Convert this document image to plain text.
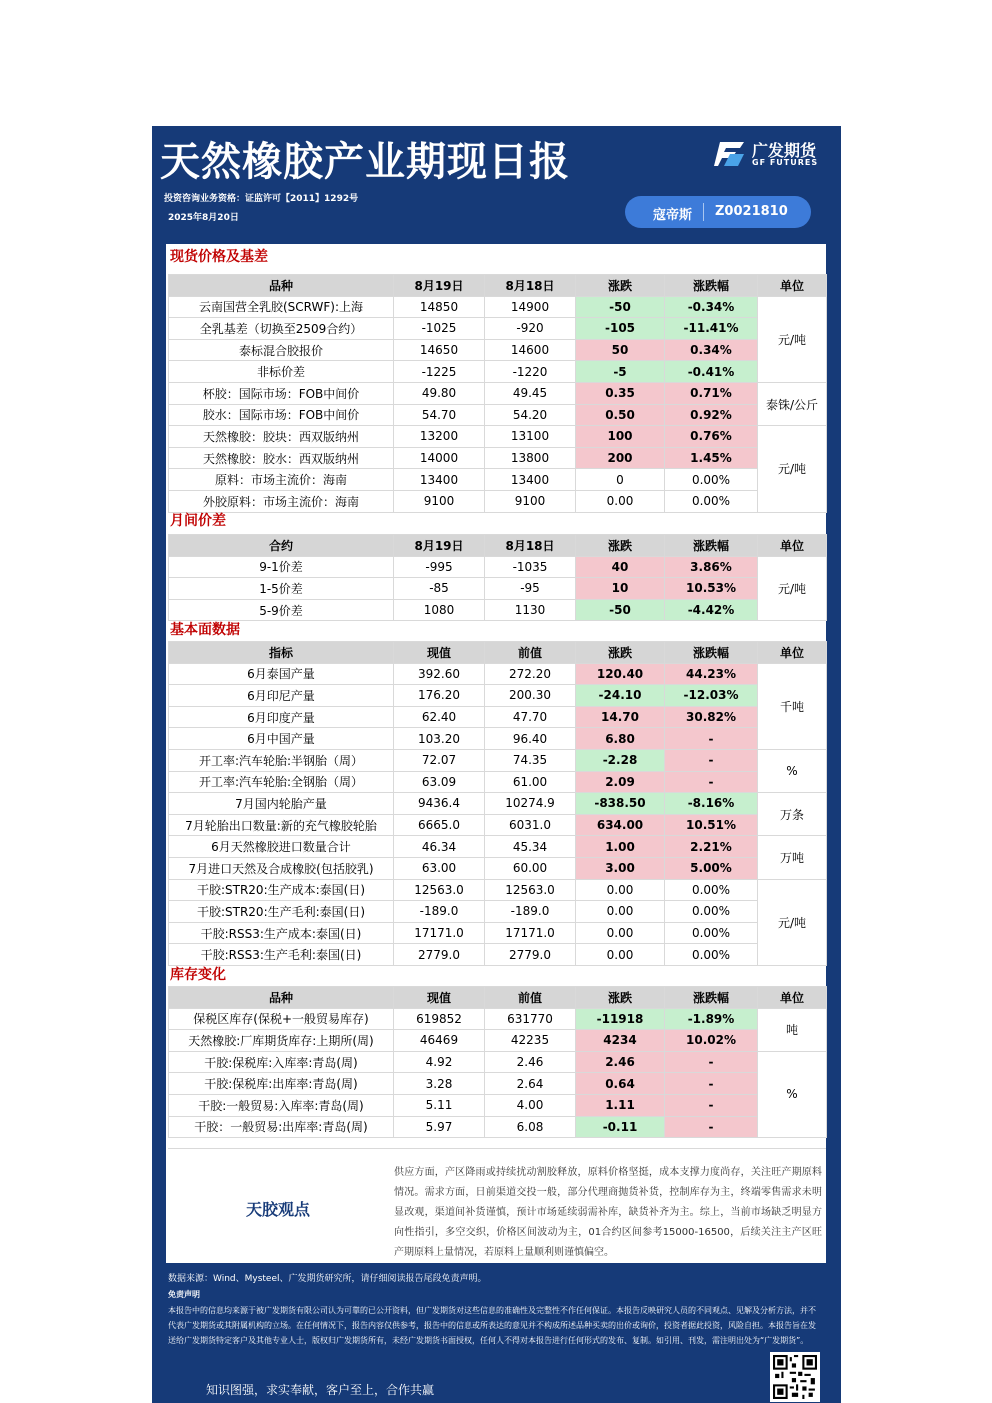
天然橡胶产业期现日报	广发期货
GF FUTURES
投资咨询业务资格：证监许可【2011】1292号
2025年8月20日	寇帝斯 Z0021810
现货价格及基差
品种	8月19日	8月18日	涨跌	涨跌幅	单位
云南国营全乳胶(SCRWF):上海	14850	14900	-50	-0.34%	元/吨
全乳基差（切换至2509合约）	-1025	-920	-105	-11.41%	
泰标混合胶报价	14650	14600	50	0.34%	
非标价差	-1225	-1220	-5	-0.41%	
杯胶：国际市场：FOB中间价	49.80	49.45	0.35	0.71%	泰铢/公斤
胶水：国际市场：FOB中间价	54.70	54.20	0.50	0.92%	
天然橡胶：胶块：西双版纳州	13200	13100	100	0.76%	元/吨
天然橡胶：胶水：西双版纳州	14000	13800	200	1.45%	
原料：市场主流价：海南	13400	13400	0	0.00%	
外胶原料：市场主流价：海南	9100	9100	0.00	0.00%	
月间价差
合约	8月19日	8月18日	涨跌	涨跌幅	单位
9-1价差	-995	-1035	40	3.86%	元/吨
1-5价差	-85	-95	10	10.53%	
5-9价差	1080	1130	-50	-4.42%	
基本面数据
指标	现值	前值	涨跌	涨跌幅	单位
6月泰国产量	392.60	272.20	120.40	44.23%	千吨
6月印尼产量	176.20	200.30	-24.10	-12.03%	
6月印度产量	62.40	47.70	14.70	30.82%	
6月中国产量	103.20	96.40	6.80	-	
开工率:汽车轮胎:半钢胎（周）	72.07	74.35	-2.28	-	%
开工率:汽车轮胎:全钢胎（周）	63.09	61.00	2.09	-	
7月国内轮胎产量	9436.4	10274.9	-838.50	-8.16%	万条
7月轮胎出口数量:新的充气橡胶轮胎	6665.0	6031.0	634.00	10.51%	
6月天然橡胶进口数量合计	46.34	45.34	1.00	2.21%	万吨
7月进口天然及合成橡胶(包括胶乳)	63.00	60.00	3.00	5.00%	
干胶:STR20:生产成本:泰国(日)	12563.0	12563.0	0.00	0.00%	元/吨
干胶:STR20:生产毛利:泰国(日)	-189.0	-189.0	0.00	0.00%	
干胶:RSS3:生产成本:泰国(日)	17171.0	17171.0	0.00	0.00%	
干胶:RSS3:生产毛利:泰国(日)	2779.0	2779.0	0.00	0.00%	
库存变化
品种	现值	前值	涨跌	涨跌幅	单位
保税区库存(保税+一般贸易库存)	619852	631770	-11918	-1.89%	吨
天然橡胶:厂库期货库存:上期所(周)	46469	42235	4234	10.02%	
干胶:保税库:入库率:青岛(周)	4.92	2.46	2.46	-	%
干胶:保税库:出库率:青岛(周)	3.28	2.64	0.64	-	
干胶:一般贸易:入库率:青岛(周)	5.11	4.00	1.11	-	
干胶：一般贸易:出库率:青岛(周)	5.97	6.08	-0.11	-	
天胶观点
供应方面，产区降雨或持续扰动割胶释放，原料价格坚挺，成本支撑力度尚存，关注旺产期原料情况。需求方面，日前渠道交投一般，部分代理商抛货补货，控制库存为主，终端零售需求未明显改观，渠道间补货谨慎，预计市场延续弱需补库，缺货补齐为主。综上，当前市场缺乏明显方向性指引，多空交织，价格区间波动为主，01合约区间参考15000-16500，后续关注主产区旺产期原料上量情况，若原料上量顺利则谨慎偏空。
数据来源：Wind、Mysteel、广发期货研究所，请仔细阅读报告尾段免责声明。
免责声明
本报告中的信息均来源于被广发期货有限公司认为可靠的已公开资料，但广发期货对这些信息的准确性及完整性不作任何保证。本报告反映研究人员的不同观点、见解及分析方法，并不代表广发期货或其附属机构的立场。在任何情况下，报告内容仅供参考，报告中的信息或所表达的意见并不构成所述品种买卖的出价或询价，投资者据此投资，风险自担。本报告旨在发送给广发期货特定客户及其他专业人士，版权归广发期货所有，未经广发期货书面授权，任何人不得对本报告进行任何形式的发布、复制。如引用、刊发，需注明出处为“广发期货”。
知识图强，求实奉献，客户至上，合作共赢
